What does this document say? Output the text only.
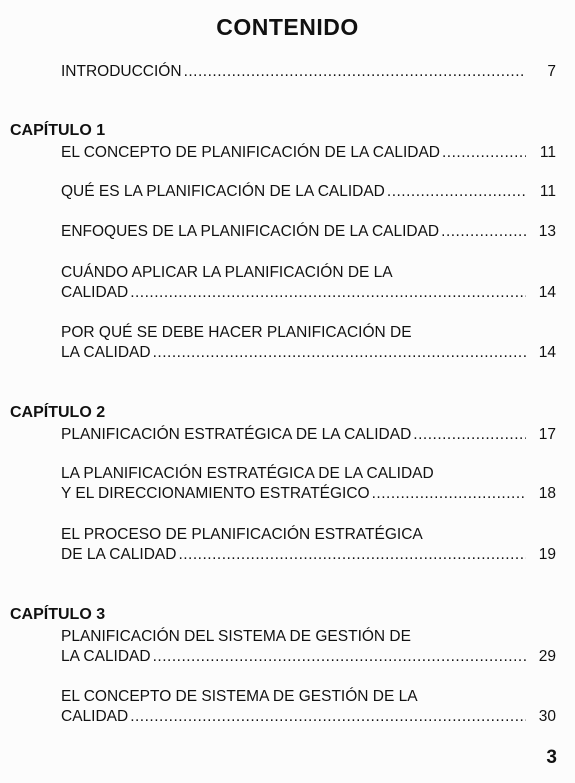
CONTENIDO
INTRODUCCIÓN .....	7
CAPÍTULO 1
EL CONCEPTO DE PLANIFICACIÓN DE LA CALIDAD .....	11
QUÉ ES LA PLANIFICACIÓN DE LA CALIDAD .....	11
ENFOQUES DE LA PLANIFICACIÓN DE LA CALIDAD .....	13
CUÁNDO APLICAR LA PLANIFICACIÓN DE LA
CALIDAD .....	14
POR QUÉ SE DEBE HACER PLANIFICACIÓN DE
LA CALIDAD .....	14
CAPÍTULO 2
PLANIFICACIÓN ESTRATÉGICA DE LA CALIDAD .....	17
LA PLANIFICACIÓN ESTRATÉGICA DE LA CALIDAD
Y EL DIRECCIONAMIENTO ESTRATÉGICO .....	18
EL PROCESO DE PLANIFICACIÓN ESTRATÉGICA
DE LA CALIDAD .....	19
CAPÍTULO 3
PLANIFICACIÓN DEL SISTEMA DE GESTIÓN DE
LA CALIDAD .....	29
EL CONCEPTO DE SISTEMA DE GESTIÓN DE LA
CALIDAD .....	30
3
